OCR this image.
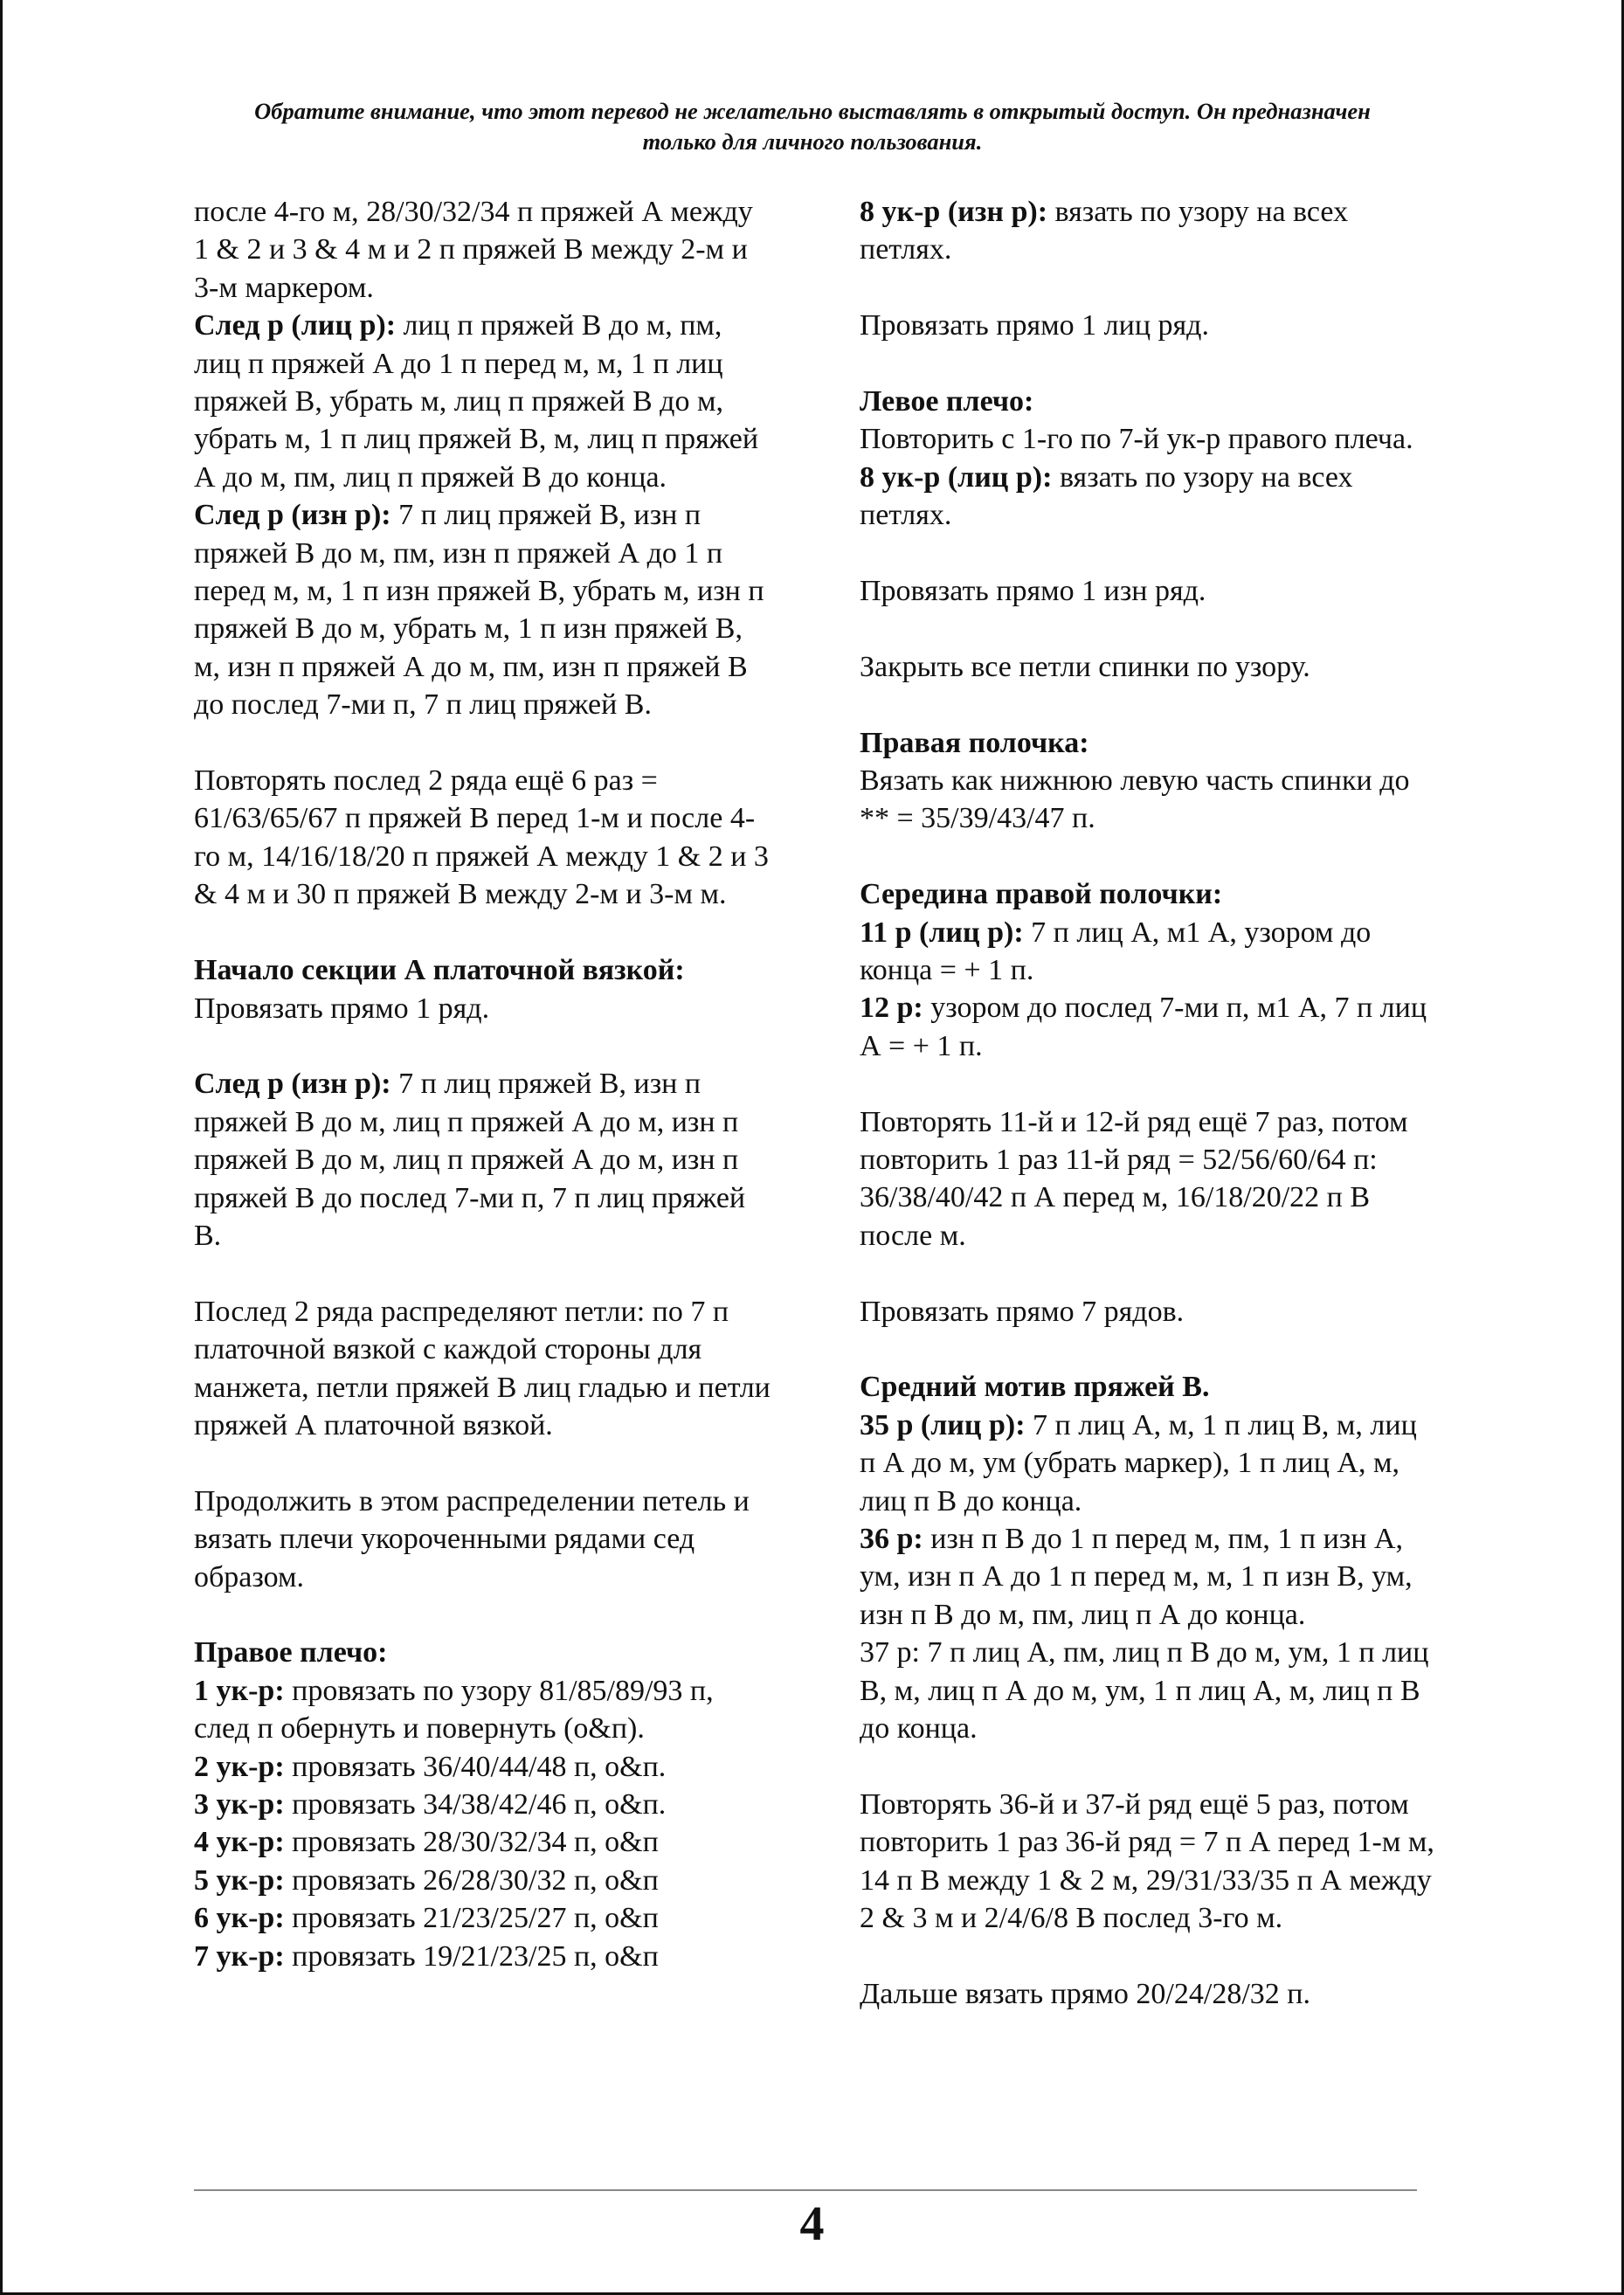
Обратите внимание, что этот перевод не желательно выставлять в открытый доступ. Он предназначен только для личного пользования.

после 4-го м, 28/30/32/34 п пряжей А между 1 & 2 и 3 & 4 м и 2 п пряжей В между 2-м и 3-м маркером.

След р (лиц р): лиц п пряжей В до м, пм, лиц п пряжей А до 1 п перед м, м, 1 п лиц пряжей В, убрать м, лиц п пряжей В до м, убрать м, 1 п лиц пряжей В, м, лиц п пряжей А до м, пм, лиц п пряжей В до конца.

След р (изн р): 7 п лиц пряжей В, изн п пряжей В до м, пм, изн п пряжей А до 1 п перед м, м, 1 п изн пряжей В, убрать м, изн п пряжей В до м, убрать м, 1 п изн пряжей В, м, изн п пряжей А до м, пм, изн п пряжей В до послед 7-ми п, 7 п лиц пряжей В.

Повторять послед 2 ряда ещё 6 раз = 61/63/65/67 п пряжей В перед 1-м и после 4-го м, 14/16/18/20 п пряжей А между 1 & 2 и 3 & 4 м и 30 п пряжей В между 2-м и 3-м м.

Начало секции А платочной вязкой:

Провязать прямо 1 ряд.

След р (изн р): 7 п лиц пряжей В, изн п пряжей В до м, лиц п пряжей А до м, изн п пряжей В до м, лиц п пряжей А до м, изн п пряжей В до послед 7-ми п, 7 п лиц пряжей В.

Послед 2 ряда распределяют петли: по 7 п платочной вязкой с каждой стороны для манжета, петли пряжей В лиц гладью и петли пряжей А платочной вязкой.

Продолжить в этом распределении петель и вязать плечи укороченными рядами сед образом.

Правое плечо:

1 ук-р: провязать по узору 81/85/89/93 п, след п обернуть и повернуть (о&п).

2 ук-р: провязать 36/40/44/48 п, о&п.

3 ук-р: провязать 34/38/42/46 п, о&п.

4 ук-р: провязать 28/30/32/34 п, о&п

5 ук-р: провязать 26/28/30/32 п, о&п

6 ук-р: провязать 21/23/25/27 п, о&п

7 ук-р: провязать 19/21/23/25 п, о&п

8 ук-р (изн р): вязать по узору на всех петлях.

Провязать прямо 1 лиц ряд.

Левое плечо:

Повторить с 1-го по 7-й ук-р правого плеча.

8 ук-р (лиц р): вязать по узору на всех петлях.

Провязать прямо 1 изн ряд.

Закрыть все петли спинки по узору.

Правая полочка:

Вязать как нижнюю левую часть спинки до ** = 35/39/43/47 п.

Середина правой полочки:

11 р (лиц р): 7 п лиц А, м1 А, узором до конца = + 1 п.

12 р: узором до послед 7-ми п, м1 А, 7 п лиц А = + 1 п.

Повторять 11-й и 12-й ряд ещё 7 раз, потом повторить 1 раз 11-й ряд = 52/56/60/64 п: 36/38/40/42 п А перед м, 16/18/20/22 п В после м.

Провязать прямо 7 рядов.

Средний мотив пряжей В.

35 р (лиц р): 7 п лиц А, м, 1 п лиц В, м, лиц п А до м, ум (убрать маркер), 1 п лиц А, м, лиц п В до конца.

36 р: изн п В до 1 п перед м, пм, 1 п изн А, ум, изн п А до 1 п перед м, м, 1 п изн В, ум, изн п В до м, пм, лиц п А до конца.

37 р: 7 п лиц А, пм, лиц п В до м, ум, 1 п лиц В, м, лиц п А до м, ум, 1 п лиц А, м, лиц п В до конца.

Повторять 36-й и 37-й ряд ещё 5 раз, потом повторить 1 раз 36-й ряд = 7 п А перед 1-м м, 14 п В между 1 & 2 м, 29/31/33/35 п А между 2 & 3 м и 2/4/6/8 В послед 3-го м.

Дальше вязать прямо 20/24/28/32 п.

4
